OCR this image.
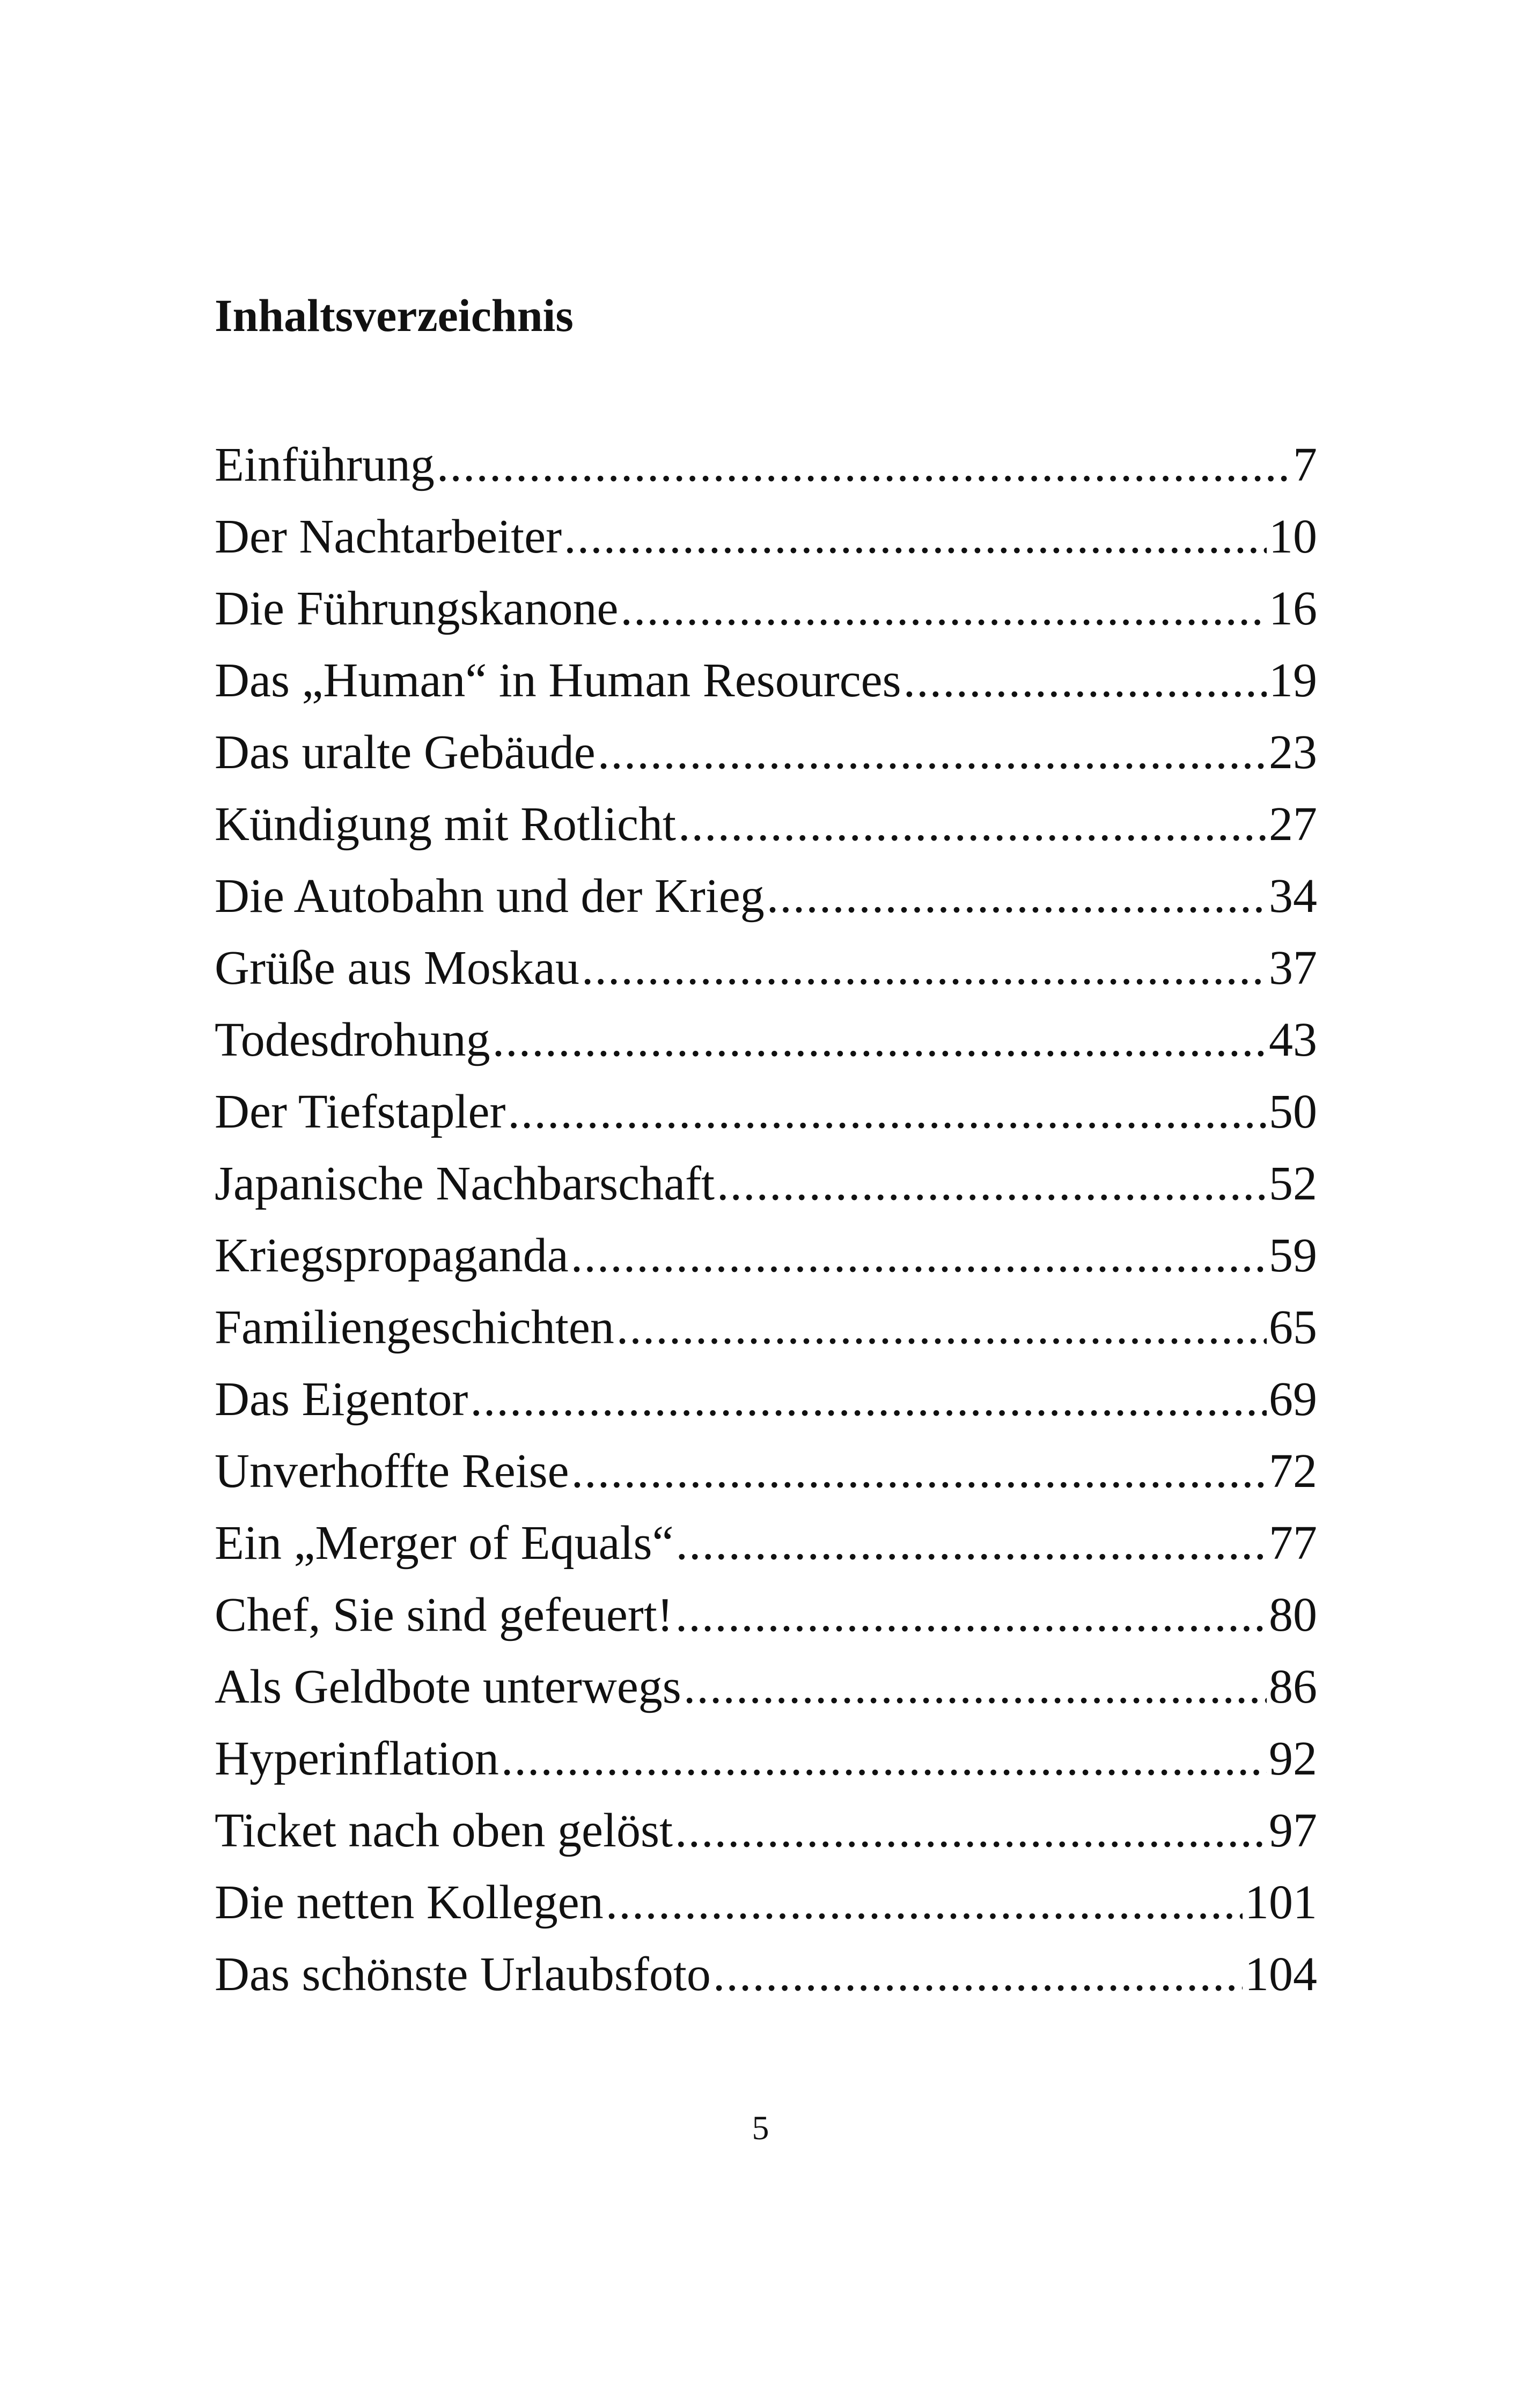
Inhaltsverzeichnis
Einführung .....	7
Der Nachtarbeiter .....	10
Die Führungskanone .....	16
Das „Human“ in Human Resources .....	19
Das uralte Gebäude .....	23
Kündigung mit Rotlicht .....	27
Die Autobahn und der Krieg .....	34
Grüße aus Moskau .....	37
Todesdrohung .....	43
Der Tiefstapler .....	50
Japanische Nachbarschaft .....	52
Kriegspropaganda .....	59
Familiengeschichten .....	65
Das Eigentor .....	69
Unverhoffte Reise .....	72
Ein „Merger of Equals“ .....	77
Chef, Sie sind gefeuert! .....	80
Als Geldbote unterwegs .....	86
Hyperinflation .....	92
Ticket nach oben gelöst .....	97
Die netten Kollegen .....	101
Das schönste Urlaubsfoto .....	104
5
